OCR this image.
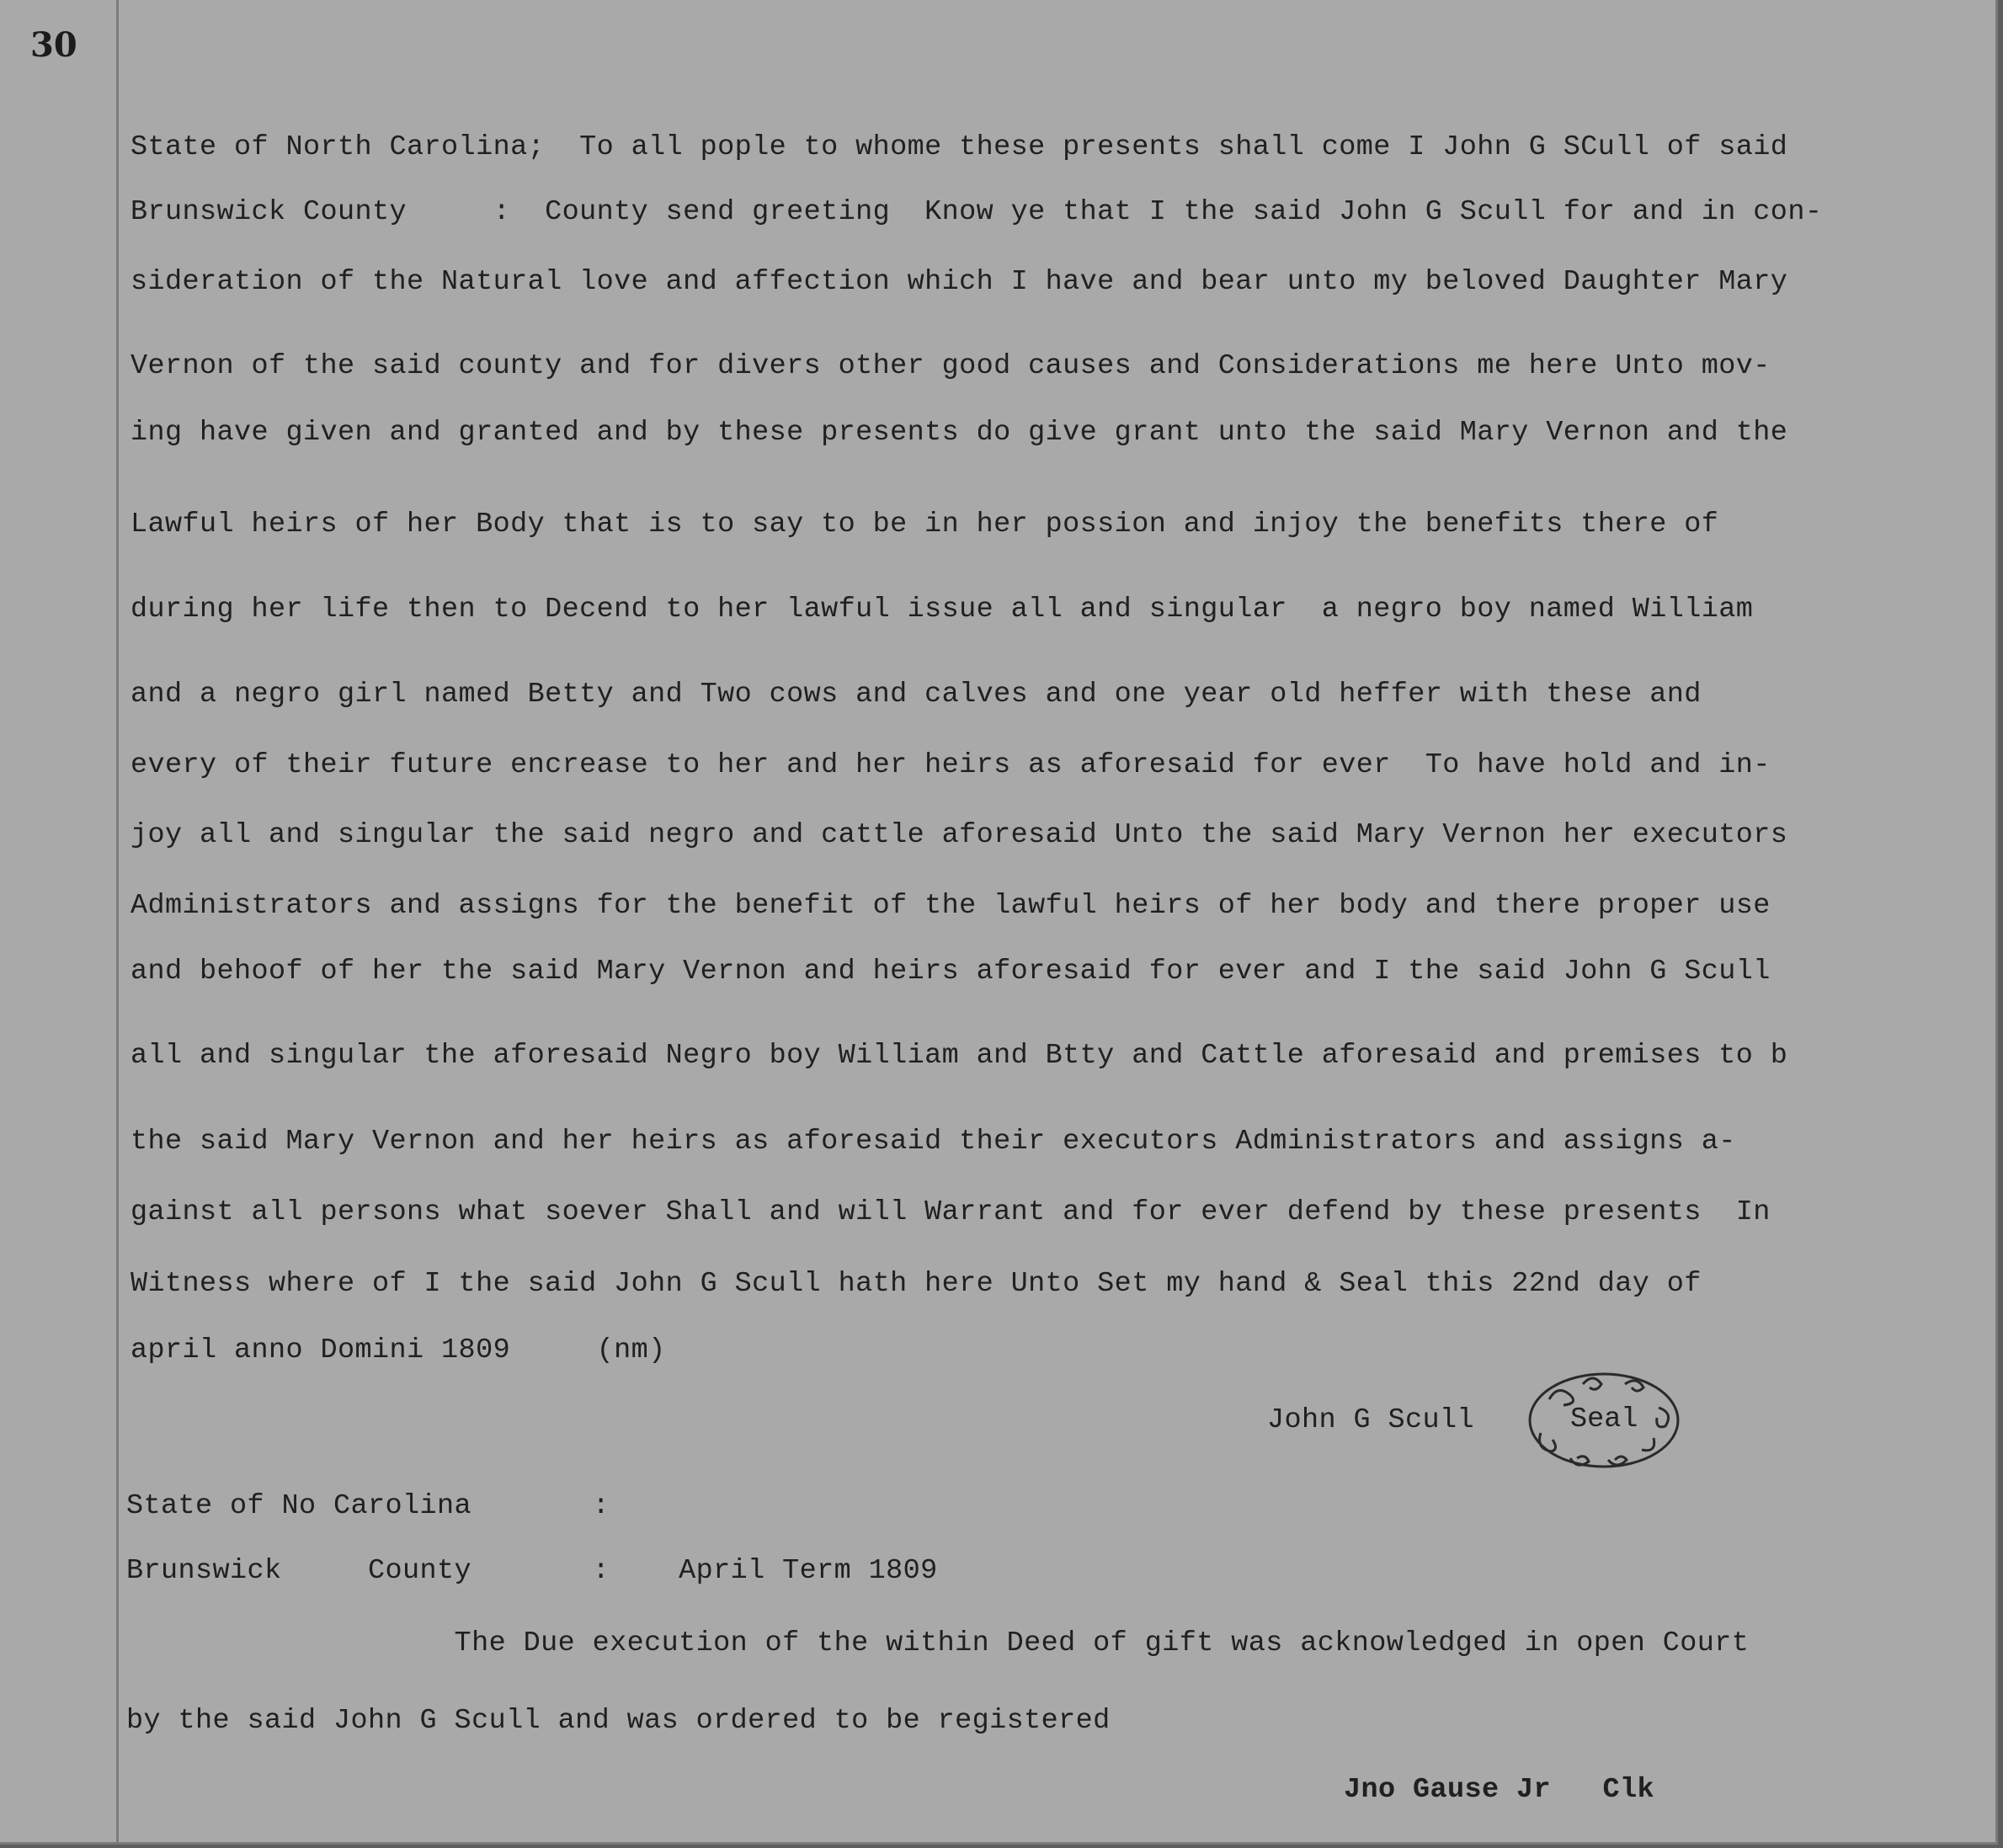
30
State of North Carolina;  To all pople to whome these presents shall come I John G SCull of said
Brunswick County     :  County send greeting  Know ye that I the said John G Scull for and in con-
sideration of the Natural love and affection which I have and bear unto my beloved Daughter Mary
Vernon of the said county and for divers other good causes and Considerations me here Unto mov-
ing have given and granted and by these presents do give grant unto the said Mary Vernon and the
Lawful heirs of her Body that is to say to be in her possion and injoy the benefits there of
during her life then to Decend to her lawful issue all and singular  a negro boy named William
and a negro girl named Betty and Two cows and calves and one year old heffer with these and
every of their future encrease to her and her heirs as aforesaid for ever  To have hold and in-
joy all and singular the said negro and cattle aforesaid Unto the said Mary Vernon her executors
Administrators and assigns for the benefit of the lawful heirs of her body and there proper use
and behoof of her the said Mary Vernon and heirs aforesaid for ever and I the said John G Scull
all and singular the aforesaid Negro boy William and Btty and Cattle aforesaid and premises to b
the said Mary Vernon and her heirs as aforesaid their executors Administrators and assigns a-
gainst all persons what soever Shall and will Warrant and for ever defend by these presents  In
Witness where of I the said John G Scull hath here Unto Set my hand & Seal this 22nd day of
april anno Domini 1809     (nm)
John G Scull	Seal
State of No Carolina       :
Brunswick     County       :    April Term 1809
The Due execution of the within Deed of gift was acknowledged in open Court
by the said John G Scull and was ordered to be registered
Jno Gause Jr   Clk
